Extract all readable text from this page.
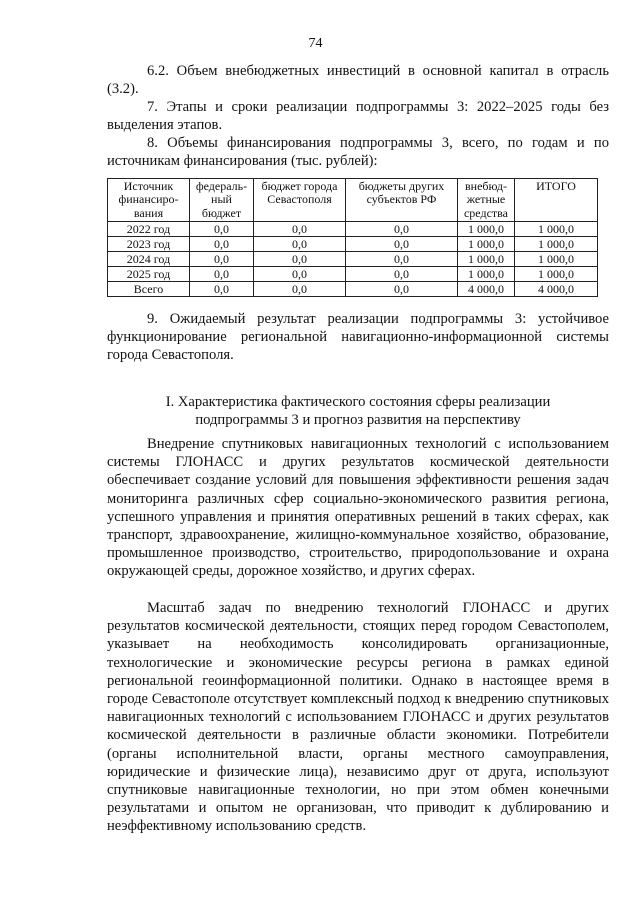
74
6.2. Объем внебюджетных инвестиций в основной капитал в отрасль (3.2).
7. Этапы и сроки реализации подпрограммы 3: 2022–2025 годы без выделения этапов.
8. Объемы финансирования подпрограммы 3, всего, по годам и по источникам финансирования (тыс. рублей):
Источник финансиро-вания	федераль-ный бюджет	бюджет города Севастополя	бюджеты других субъектов РФ	внебюд-жетные средства	ИТОГО
2022 год	0,0	0,0	0,0	1 000,0	1 000,0
2023 год	0,0	0,0	0,0	1 000,0	1 000,0
2024 год	0,0	0,0	0,0	1 000,0	1 000,0
2025 год	0,0	0,0	0,0	1 000,0	1 000,0
Всего	0,0	0,0	0,0	4 000,0	4 000,0
9. Ожидаемый результат реализации подпрограммы 3: устойчивое функционирование региональной навигационно-информационной системы города Севастополя.
I. Характеристика фактического состояния сферы реализации
подпрограммы 3 и прогноз развития на перспективу
Внедрение спутниковых навигационных технологий с использованием системы ГЛОНАСС и других результатов космической деятельности обеспечивает создание условий для повышения эффективности решения задач мониторинга различных сфер социально-экономического развития региона, успешного управления и принятия оперативных решений в таких сферах, как транспорт, здравоохранение, жилищно-коммунальное хозяйство, образование, промышленное производство, строительство, природопользование и охрана окружающей среды, дорожное хозяйство, и других сферах.
Масштаб задач по внедрению технологий ГЛОНАСС и других результатов космической деятельности, стоящих перед городом Севастополем, указывает на необходимость консолидировать организационные, технологические и экономические ресурсы региона в рамках единой региональной геоинформационной политики. Однако в настоящее время в городе Севастополе отсутствует комплексный подход к внедрению спутниковых навигационных технологий с использованием ГЛОНАСС и других результатов космической деятельности в различные области экономики. Потребители (органы исполнительной власти, органы местного самоуправления, юридические и физические лица), независимо друг от друга, используют спутниковые навигационные технологии, но при этом обмен конечными результатами и опытом не организован, что приводит к дублированию и неэффективному использованию средств.
